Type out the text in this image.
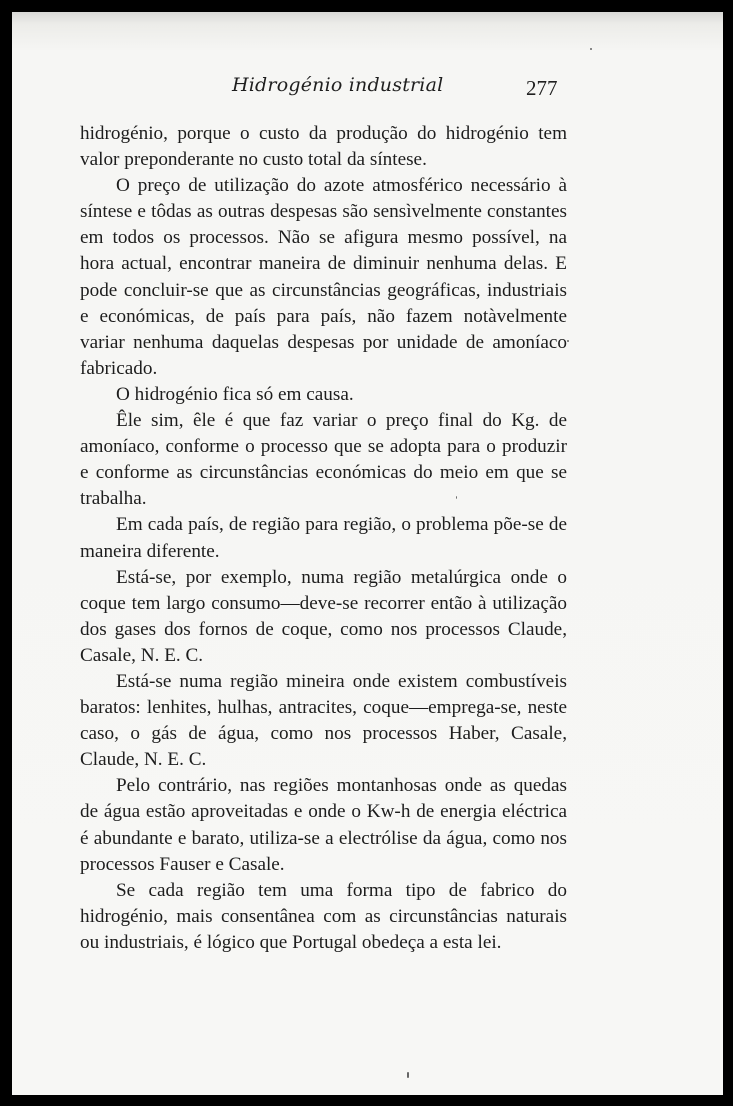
Hidrogénio industrial	277

hidrogénio, porque o custo da produção do hidrogénio tem valor preponderante no custo total da síntese.

O preço de utilização do azote atmosférico necessário à síntese e tôdas as outras despesas são sensìvelmente constantes em todos os processos. Não se afigura mesmo possível, na hora actual, encontrar maneira de diminuir nenhuma delas. E pode concluir-se que as circunstâncias geográficas, industriais e económicas, de país para país, não fazem notàvelmente variar nenhuma daquelas despesas por unidade de amoníaco fabricado.

O hidrogénio fica só em causa.

Êle sim, êle é que faz variar o preço final do Kg. de amoníaco, conforme o processo que se adopta para o produzir e conforme as circunstâncias económicas do meio em que se trabalha.

Em cada país, de região para região, o problema põe-se de maneira diferente.

Está-se, por exemplo, numa região metalúrgica onde o coque tem largo consumo—deve-se recorrer então à utilização dos gases dos fornos de coque, como nos processos Claude, Casale, N. E. C.

Está-se numa região mineira onde existem combustíveis baratos: lenhites, hulhas, antracites, coque—emprega-se, neste caso, o gás de água, como nos processos Haber, Casale, Claude, N. E. C.

Pelo contrário, nas regiões montanhosas onde as quedas de água estão aproveitadas e onde o Kw-h de energia eléctrica é abundante e barato, utiliza-se a electrólise da água, como nos processos Fauser e Casale.

Se cada região tem uma forma tipo de fabrico do hidrogénio, mais consentânea com as circunstâncias naturais ou industriais, é lógico que Portugal obedeça a esta lei.
